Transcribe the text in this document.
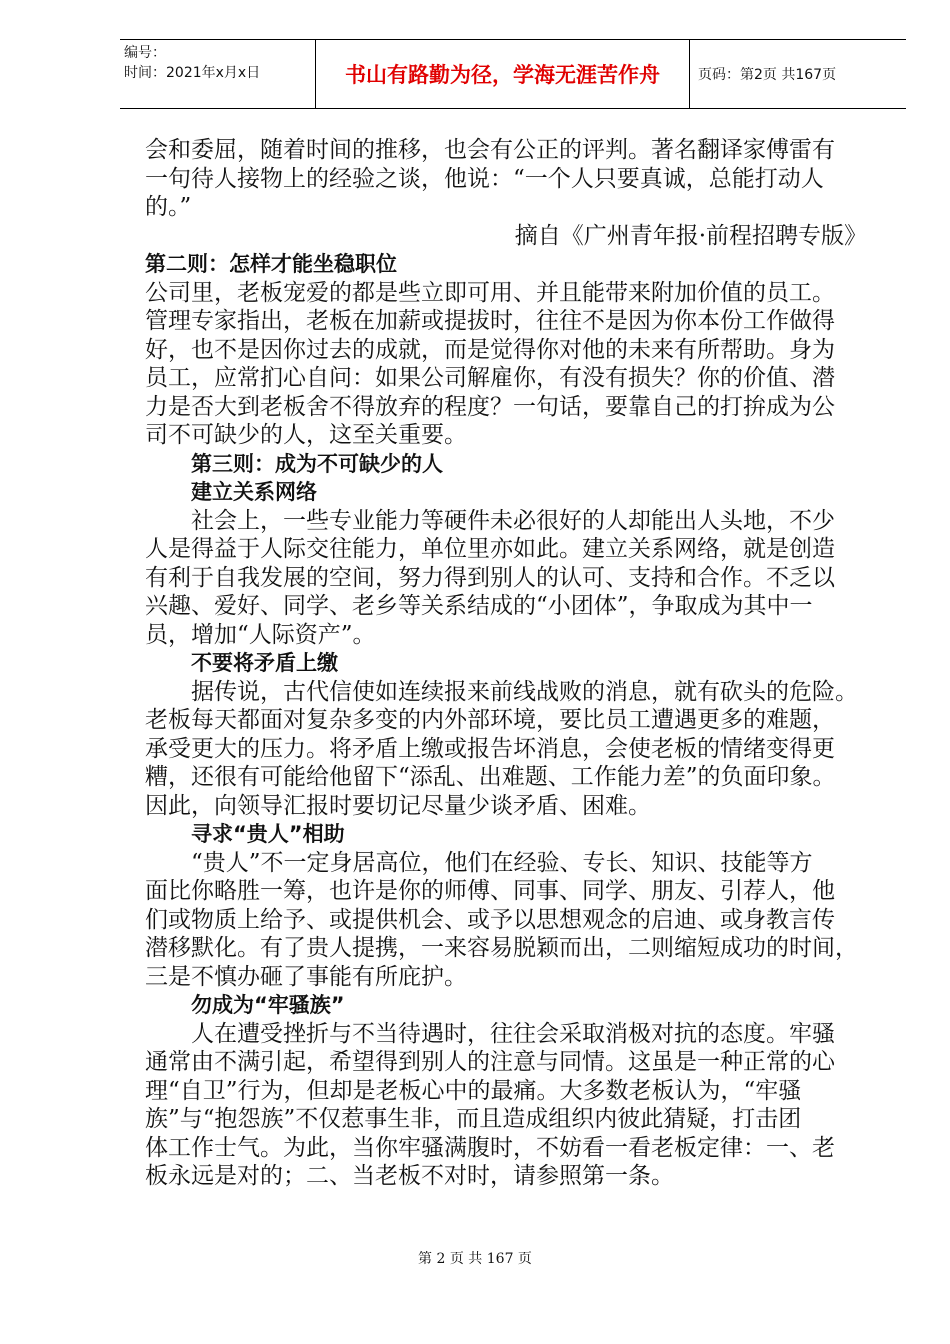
编号：
时间：2021年x月x日	书山有路勤为径，学海无涯苦作舟	页码：第2页 共167页
会和委屈，随着时间的推移，也会有公正的评判。著名翻译家傅雷有
一句待人接物上的经验之谈，他说：“一个人只要真诚，总能打动人
的。”
摘自《广州青年报·前程招聘专版》
第二则：怎样才能坐稳职位
公司里，老板宠爱的都是些立即可用、并且能带来附加价值的员工。
管理专家指出，老板在加薪或提拔时，往往不是因为你本份工作做得
好，也不是因你过去的成就，而是觉得你对他的未来有所帮助。身为
员工，应常扪心自问：如果公司解雇你，有没有损失？你的价值、潜
力是否大到老板舍不得放弃的程度？一句话，要靠自己的打拚成为公
司不可缺少的人，这至关重要。
第三则：成为不可缺少的人
建立关系网络
社会上，一些专业能力等硬件未必很好的人却能出人头地，不少
人是得益于人际交往能力，单位里亦如此。建立关系网络，就是创造
有利于自我发展的空间，努力得到别人的认可、支持和合作。不乏以
兴趣、爱好、同学、老乡等关系结成的“小团体”，争取成为其中一
员，增加“人际资产”。
不要将矛盾上缴
据传说，古代信使如连续报来前线战败的消息，就有砍头的危险。
老板每天都面对复杂多变的内外部环境，要比员工遭遇更多的难题，
承受更大的压力。将矛盾上缴或报告坏消息，会使老板的情绪变得更
糟，还很有可能给他留下“添乱、出难题、工作能力差”的负面印象。
因此，向领导汇报时要切记尽量少谈矛盾、困难。
寻求“贵人”相助
“贵人”不一定身居高位，他们在经验、专长、知识、技能等方
面比你略胜一筹，也许是你的师傅、同事、同学、朋友、引荐人，他
们或物质上给予、或提供机会、或予以思想观念的启迪、或身教言传
潜移默化。有了贵人提携，一来容易脱颖而出，二则缩短成功的时间，
三是不慎办砸了事能有所庇护。
勿成为“牢骚族”
人在遭受挫折与不当待遇时，往往会采取消极对抗的态度。牢骚
通常由不满引起，希望得到别人的注意与同情。这虽是一种正常的心
理“自卫”行为，但却是老板心中的最痛。大多数老板认为，“牢骚
族”与“抱怨族”不仅惹事生非，而且造成组织内彼此猜疑，打击团
体工作士气。为此，当你牢骚满腹时，不妨看一看老板定律：一、老
板永远是对的；二、当老板不对时，请参照第一条。
第 2 页 共 167 页
